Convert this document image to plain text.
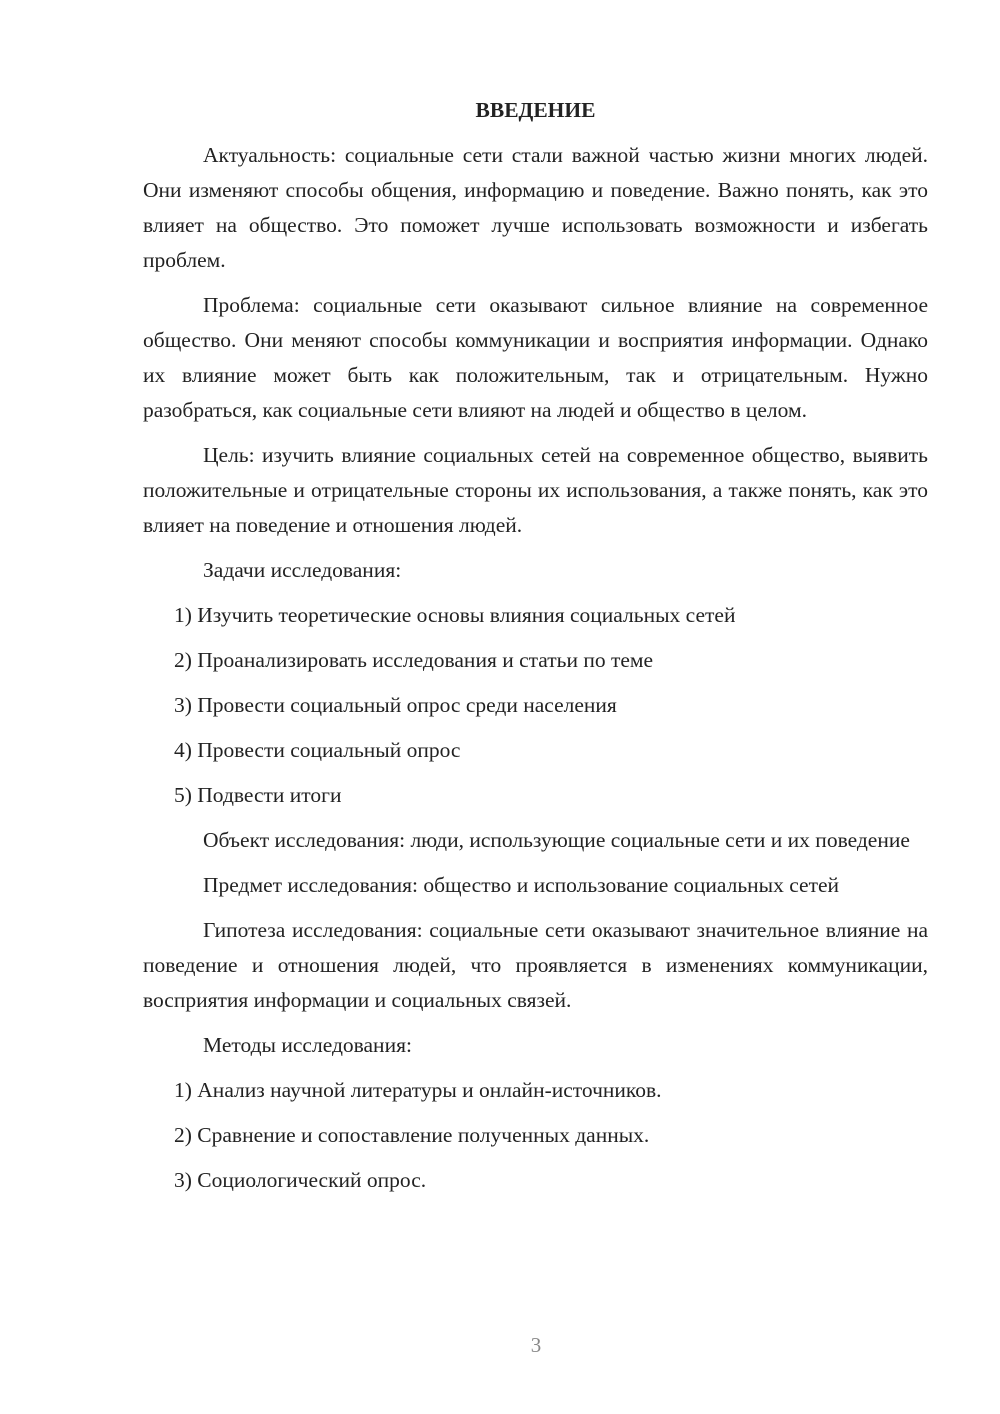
ВВЕДЕНИЕ
Актуальность: социальные сети стали важной частью жизни многих людей. Они изменяют способы общения, информацию и поведение. Важно понять, как это влияет на общество. Это поможет лучше использовать возможности и избегать проблем.
Проблема: социальные сети оказывают сильное влияние на современное общество. Они меняют способы коммуникации и восприятия информации. Однако их влияние может быть как положительным, так и отрицательным. Нужно разобраться, как социальные сети влияют на людей и общество в целом.
Цель: изучить влияние социальных сетей на современное общество, выявить положительные и отрицательные стороны их использования, а также понять, как это влияет на поведение и отношения людей.
Задачи исследования:
1) Изучить теоретические основы влияния социальных сетей
2) Проанализировать исследования и статьи по теме
3) Провести социальный опрос среди населения
4) Провести социальный опрос
5) Подвести итоги
Объект исследования: люди, использующие социальные сети и их поведение
Предмет исследования: общество и использование социальных сетей
Гипотеза исследования: социальные сети оказывают значительное влияние на поведение и отношения людей, что проявляется в изменениях коммуникации, восприятия информации и социальных связей.
Методы исследования:
1) Анализ научной литературы и онлайн-источников.
2) Сравнение и сопоставление полученных данных.
3) Социологический опрос.
3
